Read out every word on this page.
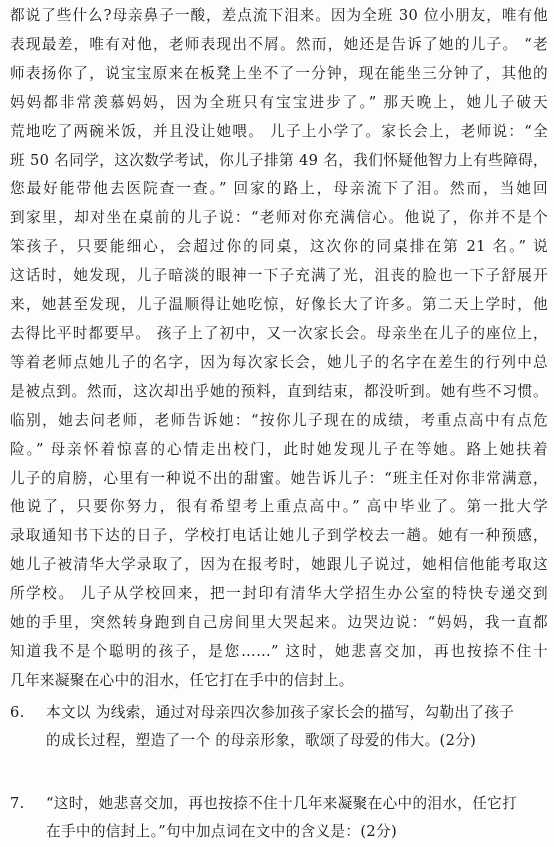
都说了些什么?母亲鼻子一酸，差点流下泪来。因为全班 30 位小朋友，唯有他

表现最差，唯有对他，老师表现出不屑。然而，她还是告诉了她的儿子。 “老

师表扬你了，说宝宝原来在板凳上坐不了一分钟，现在能坐三分钟了，其他的

妈妈都非常羡慕妈妈，因为全班只有宝宝进步了。” 那天晚上，她儿子破天

荒地吃了两碗米饭，并且没让她喂。 儿子上小学了。家长会上，老师说：“全

班 50 名同学，这次数学考试，你儿子排第 49 名，我们怀疑他智力上有些障碍，

您最好能带他去医院查一查。” 回家的路上，母亲流下了泪。然而，当她回

到家里，却对坐在桌前的儿子说：“老师对你充满信心。他说了，你并不是个

笨孩子，只要能细心，会超过你的同桌，这次你的同桌排在第 21 名。” 说

这话时，她发现，儿子暗淡的眼神一下子充满了光，沮丧的脸也一下子舒展开

来，她甚至发现，儿子温顺得让她吃惊，好像长大了许多。第二天上学时，他

去得比平时都要早。 孩子上了初中，又一次家长会。母亲坐在儿子的座位上，

等着老师点她儿子的名字，因为每次家长会，她儿子的名字在差生的行列中总

是被点到。然而，这次却出乎她的预料，直到结束，都没听到。她有些不习惯。

临别，她去问老师，老师告诉她：“按你儿子现在的成绩，考重点高中有点危

险。” 母亲怀着惊喜的心情走出校门，此时她发现儿子在等她。路上她扶着

儿子的肩膀，心里有一种说不出的甜蜜。她告诉儿子：“班主任对你非常满意，

他说了，只要你努力，很有希望考上重点高中。” 高中毕业了。第一批大学

录取通知书下达的日子，学校打电话让她儿子到学校去一趟。她有一种预感，

她儿子被清华大学录取了，因为在报考时，她跟儿子说过，她相信他能考取这

所学校。 儿子从学校回来，把一封印有清华大学招生办公室的特快专递交到

她的手里，突然转身跑到自己房间里大哭起来。边哭边说：“妈妈，我一直都

知道我不是个聪明的孩子，是您……” 这时，她悲喜交加，再也按捺不住十

几年来凝聚在心中的泪水，任它打在手中的信封上。

6.	本文以 为线索，通过对母亲四次参加孩子家长会的描写，勾勒出了孩子
的成长过程，塑造了一个 的母亲形象，歌颂了母爱的伟大。(2分)
7.	“这时，她悲喜交加，再也按捺不住十几年来凝聚在心中的泪水，任它打
在手中的信封上。”句中加点词在文中的含义是：(2分)
